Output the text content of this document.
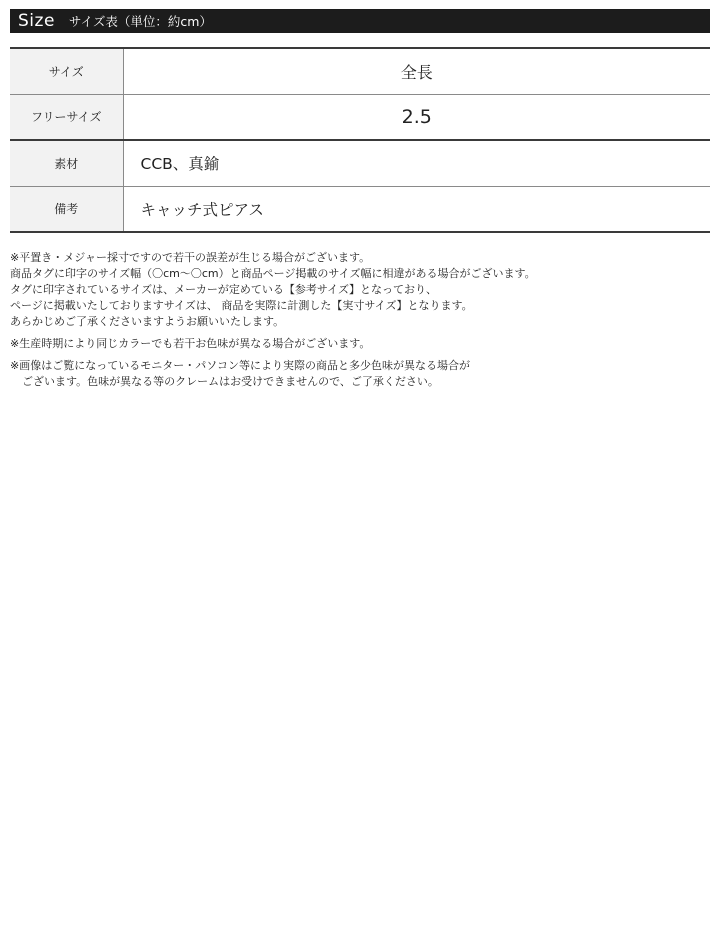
Size サイズ表（単位：約cm）
サイズ	全長
フリーサイズ	2.5
素材	CCB、真鍮
備考	キャッチ式ピアス
※平置き・メジャー採寸ですので若干の誤差が生じる場合がございます。
商品タグに印字のサイズ幅（〇cm～〇cm）と商品ページ掲載のサイズ幅に相違がある場合がございます。
タグに印字されているサイズは、メーカーが定めている【参考サイズ】となっており、
ページに掲載いたしておりますサイズは、 商品を実際に計測した【実寸サイズ】となります。
あらかじめご了承くださいますようお願いいたします。
※生産時期により同じカラーでも若干お色味が異なる場合がございます。
※画像はご覧になっているモニター・パソコン等により実際の商品と多少色味が異なる場合が
ございます。色味が異なる等のクレームはお受けできませんので、ご了承ください。
